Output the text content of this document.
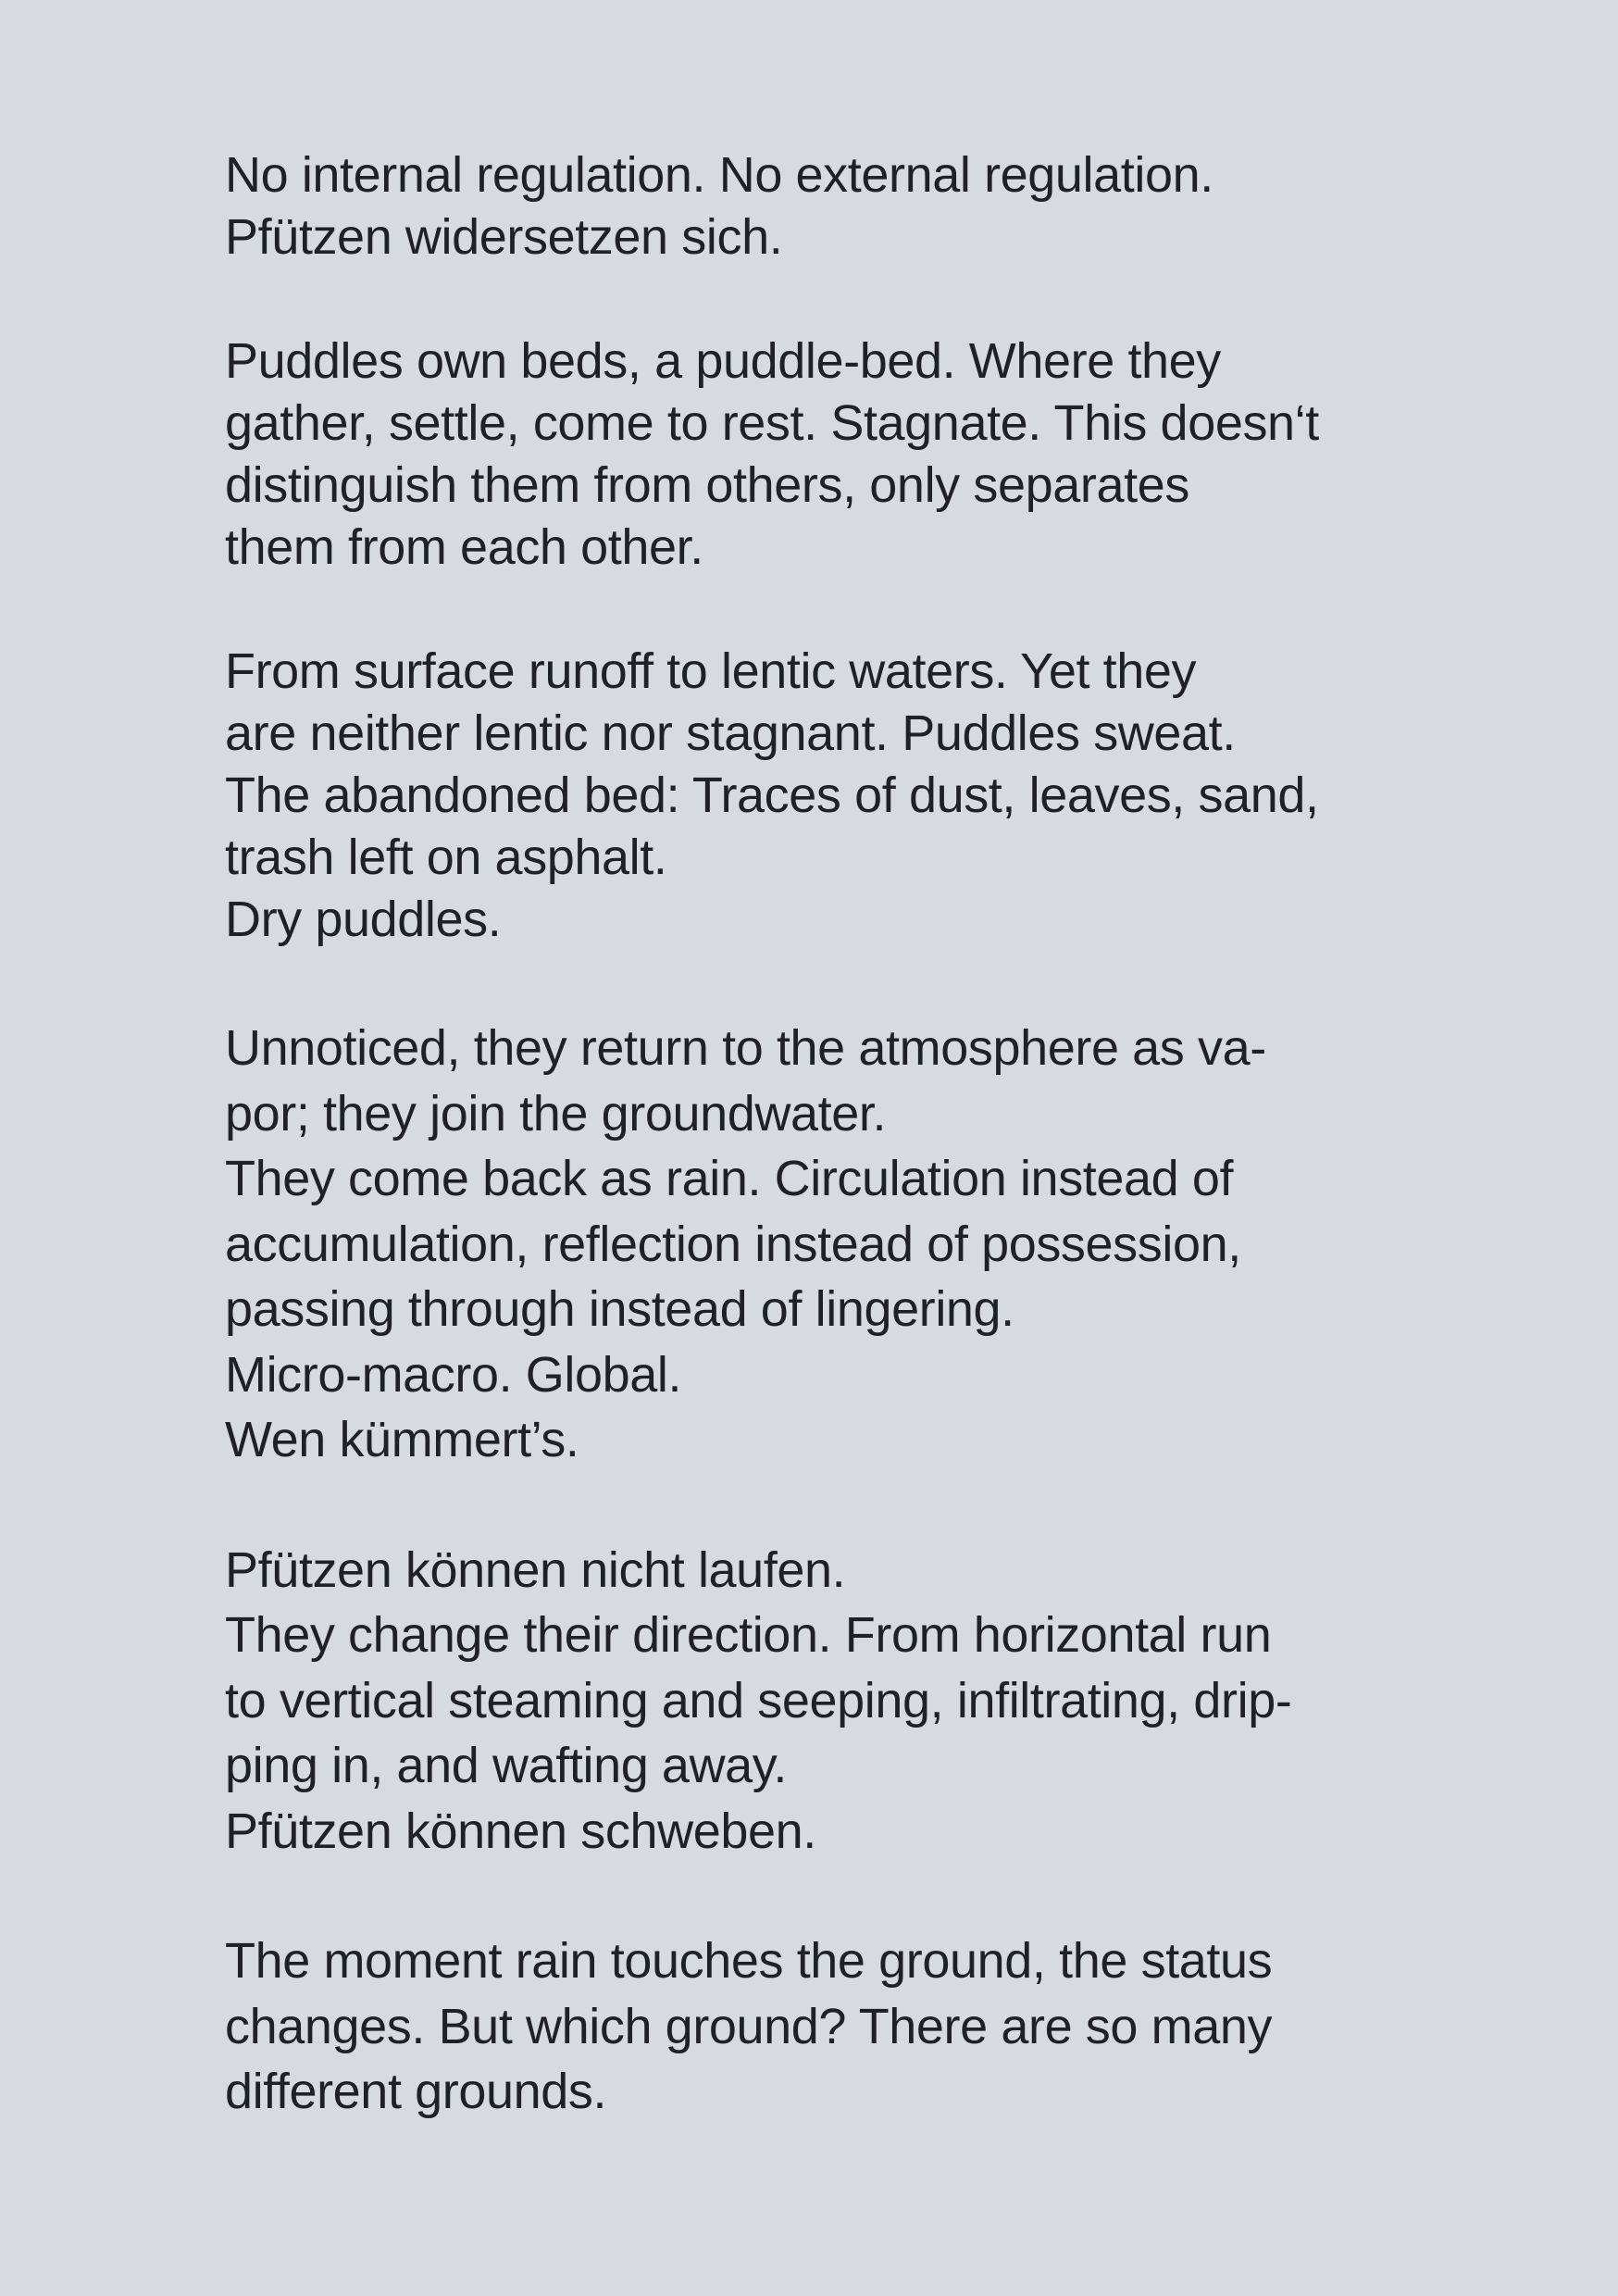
No internal regulation. No external regulation.
Pfützen widersetzen sich.

Puddles own beds, a puddle-bed. Where they
gather, settle, come to rest. Stagnate. This doesn‘t
distinguish them from others, only separates
them from each other.

From surface runoff to lentic waters. Yet they
are neither lentic nor stagnant. Puddles sweat.
The abandoned bed: Traces of dust, leaves, sand,
trash left on asphalt.
Dry puddles.

Unnoticed, they return to the atmosphere as va-
por; they join the groundwater.
They come back as rain. Circulation instead of
accumulation, reflection instead of possession,
passing through instead of lingering.
Micro-macro. Global.
Wen kümmert’s.

Pfützen können nicht laufen.
They change their direction. From horizontal run
to vertical steaming and seeping, infiltrating, drip-
ping in, and wafting away.
Pfützen können schweben.

The moment rain touches the ground, the status
changes. But which ground? There are so many
different grounds.
